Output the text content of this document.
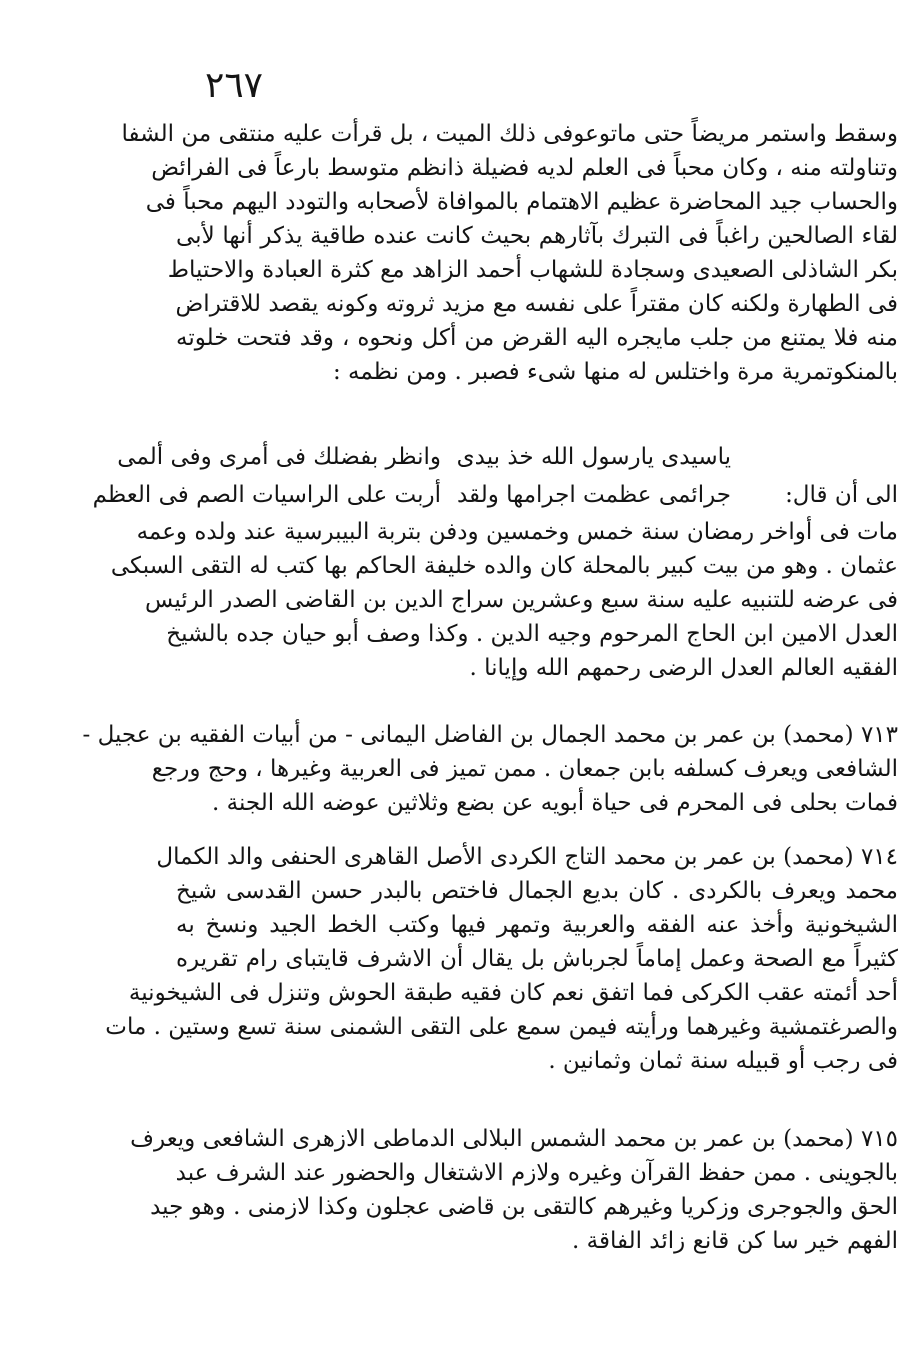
٢٦٧
وسقط واستمر مريضاً حتى ماتوعوفى ذلك الميت ، بل قرأت عليه منتقى من الشفا
وتناولته منه ، وكان محباً فى العلم لديه فضيلة ذانظم متوسط بارعاً فى الفرائض
والحساب جيد المحاضرة عظيم الاهتمام بالموافاة لأصحابه والتودد اليهم محباً فى
لقاء الصالحين راغباً فى التبرك بآثارهم بحيث كانت عنده طاقية يذكر أنها لأبى
بكر الشاذلى الصعيدى وسجادة للشهاب أحمد الزاهد مع كثرة العبادة والاحتياط
فى الطهارة ولكنه كان مقتراً على نفسه مع مزيد ثروته وكونه يقصد للاقتراض
منه فلا يمتنع من جلب مايجره اليه القرض من أكل ونحوه ، وقد فتحت خلوته
بالمنكوتمرية مرة واختلس له منها شىء فصبر . ومن نظمه :
ياسيدى يارسول الله خذ بيدى
وانظر بفضلك فى أمرى وفى ألمى
الى أن قال:
جرائمى عظمت اجرامها ولقد
أربت على الراسيات الصم فى العظم
مات فى أواخر رمضان سنة خمس وخمسين ودفن بتربة البيبرسية عند ولده وعمه
عثمان . وهو من بيت كبير بالمحلة كان والده خليفة الحاكم بها كتب له التقى السبكى
فى عرضه للتنبيه عليه سنة سبع وعشرين سراج الدين بن القاضى الصدر الرئيس
العدل الامين ابن الحاج المرحوم وجيه الدين . وكذا وصف أبو حيان جده بالشيخ
الفقيه العالم العدل الرضى رحمهم الله وإيانا .
٧١٣ (محمد) بن عمر بن محمد الجمال بن الفاضل اليمانى - من أبيات الفقيه بن عجيل -
الشافعى ويعرف كسلفه بابن جمعان . ممن تميز فى العربية وغيرها ، وحج ورجع
فمات بحلى فى المحرم فى حياة أبويه عن بضع وثلاثين عوضه الله الجنة .
٧١٤ (محمد) بن عمر بن محمد التاج الكردى الأصل القاهرى الحنفى والد الكمال
محمد ويعرف بالكردى . كان بديع الجمال فاختص بالبدر حسن القدسى شيخ
الشيخونية وأخذ عنه الفقه والعربية وتمهر فيها وكتب الخط الجيد ونسخ به
كثيراً مع الصحة وعمل إماماً لجرباش بل يقال أن الاشرف قايتباى رام تقريره
أحد أئمته عقب الكركى فما اتفق نعم كان فقيه طبقة الحوش وتنزل فى الشيخونية
والصرغتمشية وغيرهما ورأيته فيمن سمع على التقى الشمنى سنة تسع وستين . مات
فى رجب أو قبيله سنة ثمان وثمانين .
٧١٥ (محمد) بن عمر بن محمد الشمس البلالى الدماطى الازهرى الشافعى ويعرف
بالجوينى . ممن حفظ القرآن وغيره ولازم الاشتغال والحضور عند الشرف عبد
الحق والجوجرى وزكريا وغيرهم كالتقى بن قاضى عجلون وكذا لازمنى . وهو جيد
الفهم خير سا كن قانع زائد الفاقة .
